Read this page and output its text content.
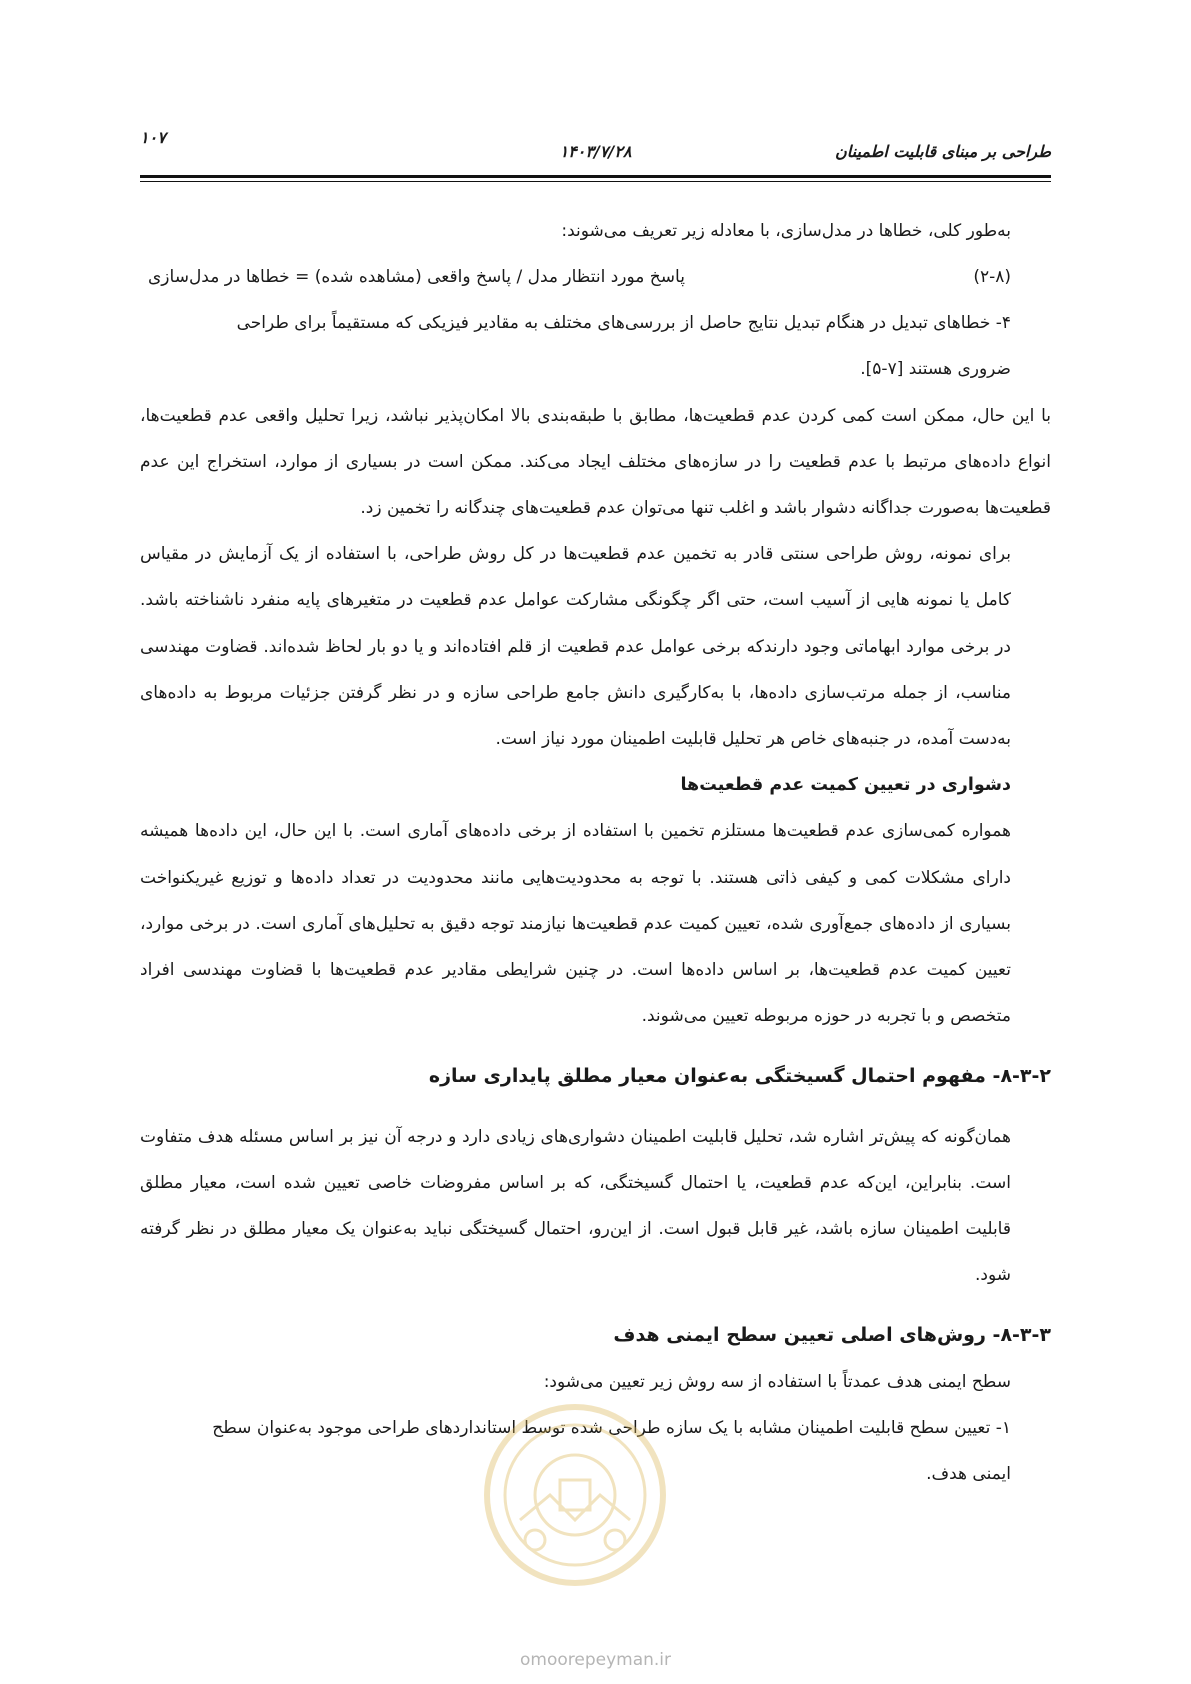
طراحی بر مبنای قابلیت اطمینان
۱۴۰۳/۷/۲۸
۱۰۷

به‌طور کلی، خطاها در مدل‌سازی، با معادله زیر تعریف می‌شوند:

(۲-۸)
پاسخ مورد انتظار مدل / پاسخ واقعی (مشاهده شده) = خطاها در مدل‌سازی

۴- خطاهای تبدیل در هنگام تبدیل نتایج حاصل از بررسی‌های مختلف به مقادیر فیزیکی که مستقیماً برای طراحی

ضروری هستند [۷-۵].

با این حال، ممکن است کمی کردن عدم قطعیت‌ها، مطابق با طبقه‌بندی بالا امکان‌پذیر نباشد، زیرا تحلیل واقعی عدم قطعیت‌ها، انواع داده‌های مرتبط با عدم قطعیت را در سازه‌های مختلف ایجاد می‌کند. ممکن است در بسیاری از موارد، استخراج این عدم قطعیت‌ها به‌صورت جداگانه دشوار باشد و اغلب تنها می‌توان عدم قطعیت‌های چندگانه را تخمین زد.

برای نمونه، روش طراحی سنتی قادر به تخمین عدم قطعیت‌ها در کل روش طراحی، با استفاده از یک آزمایش در مقیاس کامل یا نمونه هایی از آسیب است، حتی اگر چگونگی مشارکت عوامل عدم قطعیت در متغیرهای پایه منفرد ناشناخته باشد. در برخی موارد ابهاماتی وجود دارندکه برخی عوامل عدم قطعیت از قلم افتاده‌اند و یا دو بار لحاظ شده‌اند. قضاوت مهندسی مناسب، از جمله مرتب‌سازی داده‌ها، با به‌کارگیری دانش جامع طراحی سازه و در نظر گرفتن جزئیات مربوط به داده‌های به‌دست آمده، در جنبه‌های خاص هر تحلیل قابلیت اطمینان مورد نیاز است.

دشواری در تعیین کمیت عدم قطعیت‌ها

همواره کمی‌سازی عدم قطعیت‌ها مستلزم تخمین با استفاده از برخی داده‌های آماری است. با این حال، این داده‌ها همیشه دارای مشکلات کمی و کیفی ذاتی هستند. با توجه به محدودیت‌هایی مانند محدودیت در تعداد داده‌ها و توزیع غیریکنواخت بسیاری از داده‌های جمع‌آوری شده، تعیین کمیت عدم قطعیت‌ها نیازمند توجه دقیق به تحلیل‌های آماری است. در برخی موارد، تعیین کمیت عدم قطعیت‌ها، بر اساس داده‌ها است. در چنین شرایطی مقادیر عدم قطعیت‌ها با قضاوت مهندسی افراد متخصص و با تجربه در حوزه مربوطه تعیین می‌شوند.

۸-۳-۲- مفهوم احتمال گسیختگی به‌عنوان معیار مطلق پایداری سازه

همان‌گونه که پیش‌تر اشاره شد، تحلیل قابلیت اطمینان دشواری‌های زیادی دارد و درجه آن نیز بر اساس مسئله هدف متفاوت است. بنابراین، این‌که عدم قطعیت، یا احتمال گسیختگی، که بر اساس مفروضات خاصی تعیین شده است، معیار مطلق قابلیت اطمینان سازه باشد، غیر قابل قبول است. از این‌رو، احتمال گسیختگی نباید به‌عنوان یک معیار مطلق در نظر گرفته شود.

۸-۳-۳- روش‌های اصلی تعیین سطح ایمنی هدف

سطح ایمنی هدف عمدتاً با استفاده از سه روش زیر تعیین می‌شود:

۱- تعیین سطح قابلیت اطمینان مشابه با یک سازه طراحی شده توسط استانداردهای طراحی موجود به‌عنوان سطح

ایمنی هدف.

omoorepeyman.ir
